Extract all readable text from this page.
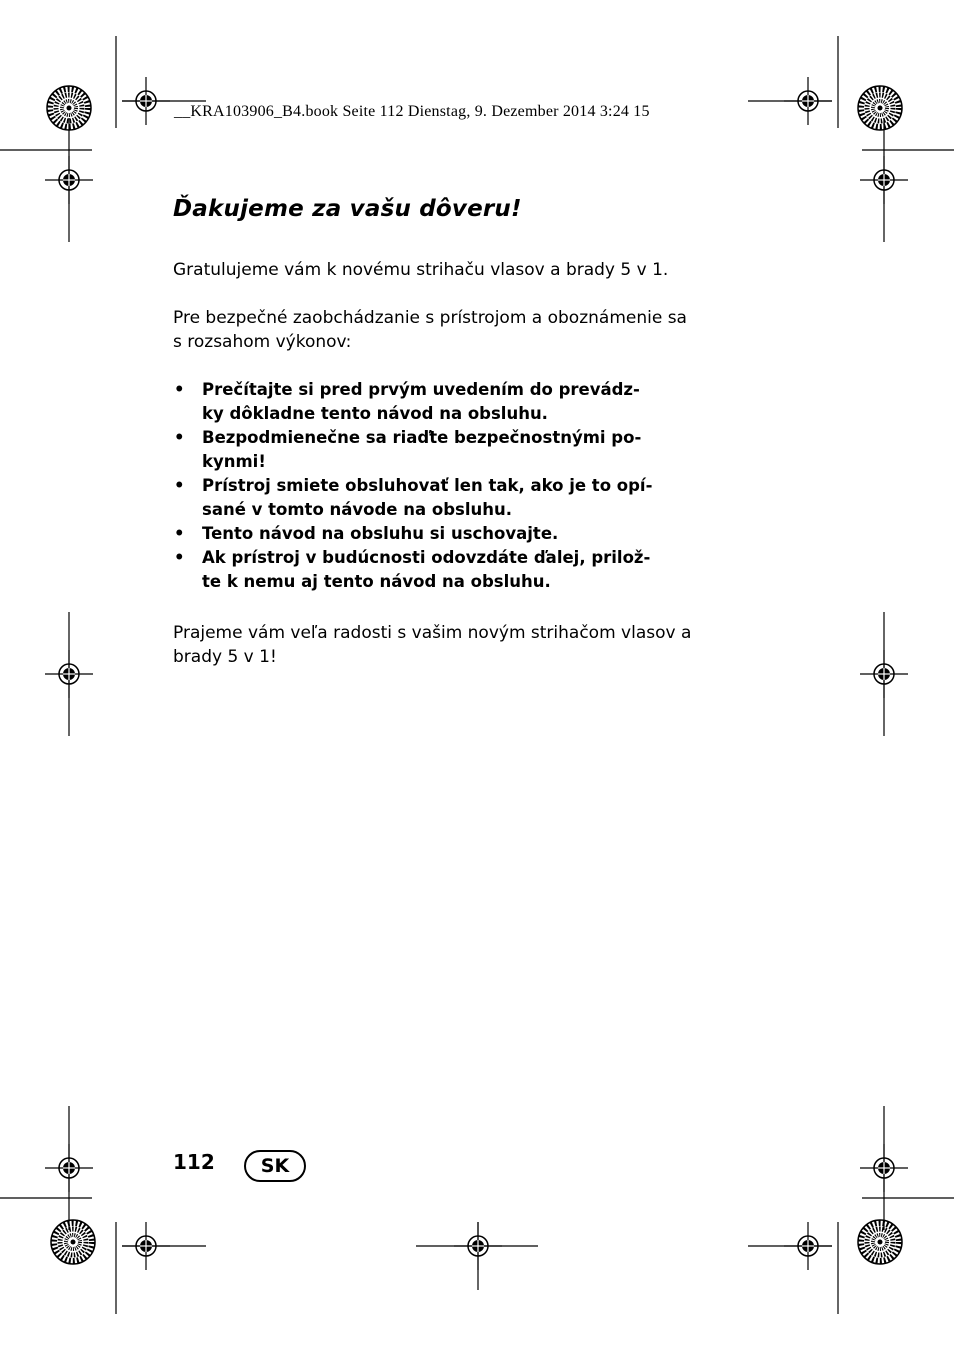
__KRA103906_B4.book Seite 112 Dienstag, 9. Dezember 2014 3:24 15
Ďakujeme za vašu dôveru!

Gratulujeme vám k novému strihaču vlasov a brady 5 v 1.

Pre bezpečné zaobchádzanie s prístrojom a oboznámenie sa
s rozsahom výkonov:

• Prečítajte si pred prvým uvedením do prevádz-
ky dôkladne tento návod na obsluhu.
• Bezpodmienečne sa riaďte bezpečnostnými po-
kynmi!
• Prístroj smiete obsluhovať len tak, ako je to opí-
sané v tomto návode na obsluhu.
• Tento návod na obsluhu si uschovajte.
• Ak prístroj v budúcnosti odovzdáte ďalej, prilož-
te k nemu aj tento návod na obsluhu.

Prajeme vám veľa radosti s vašim novým strihačom vlasov a
brady 5 v 1!

112 SK
